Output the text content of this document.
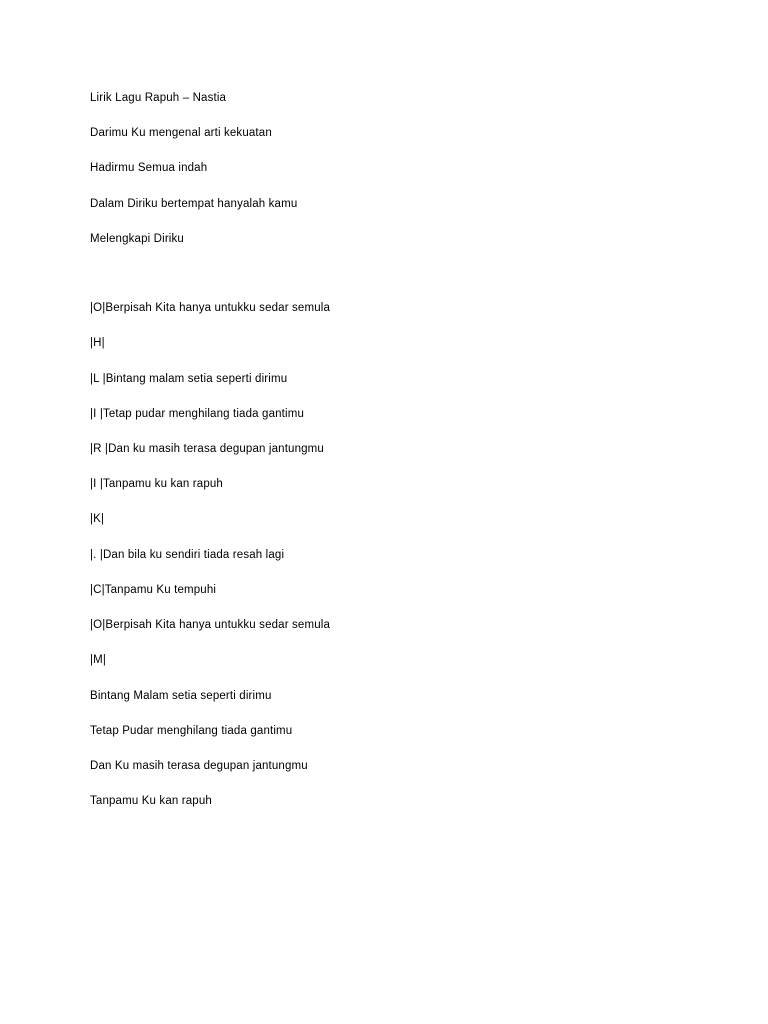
Lirik Lagu Rapuh – Nastia

Darimu Ku mengenal arti kekuatan

Hadirmu Semua indah

Dalam Diriku bertempat hanyalah kamu

Melengkapi Diriku

|O|Berpisah Kita hanya untukku sedar semula

|H|

|L |Bintang malam setia seperti dirimu

|I |Tetap pudar menghilang tiada gantimu

|R |Dan ku masih terasa degupan jantungmu

|I |Tanpamu ku kan rapuh

|K|

|. |Dan bila ku sendiri tiada resah lagi

|C|Tanpamu Ku tempuhi

|O|Berpisah Kita hanya untukku sedar semula

|M|

Bintang Malam setia seperti dirimu

Tetap Pudar menghilang tiada gantimu

Dan Ku masih terasa degupan jantungmu

Tanpamu Ku kan rapuh
